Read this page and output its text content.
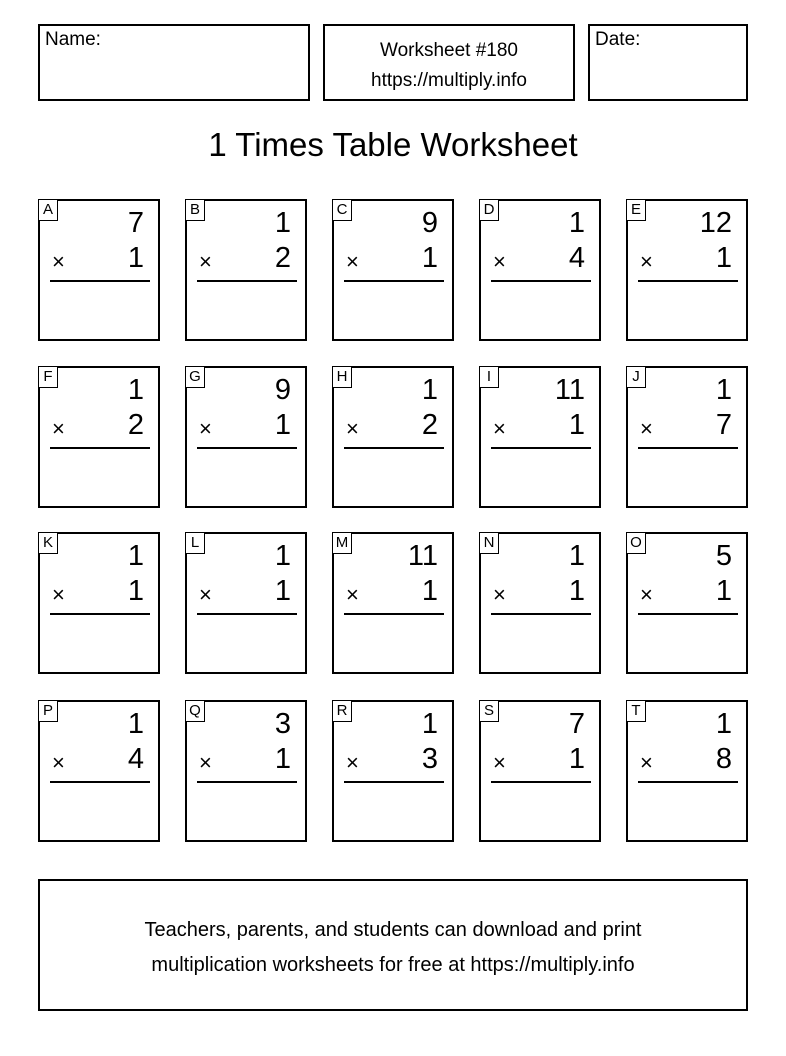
Name:
Worksheet #180
https://multiply.info
Date:
1 Times Table Worksheet
A	7
× 1
B	1
× 2
C	9
× 1
D	1
× 4
E 12
× 1
F	1
× 2
G	9
× 1
H	1
× 2
I 11
× 1
J	1
× 7
K	1
× 1
L	1
× 1
M 11
× 1
N	1
× 1
O	5
× 1
P	1
× 4
Q	3
× 1
R	1
× 3
S	7
× 1
T	1
× 8
Teachers, parents, and students can download and print
multiplication worksheets for free at https://multiply.info
